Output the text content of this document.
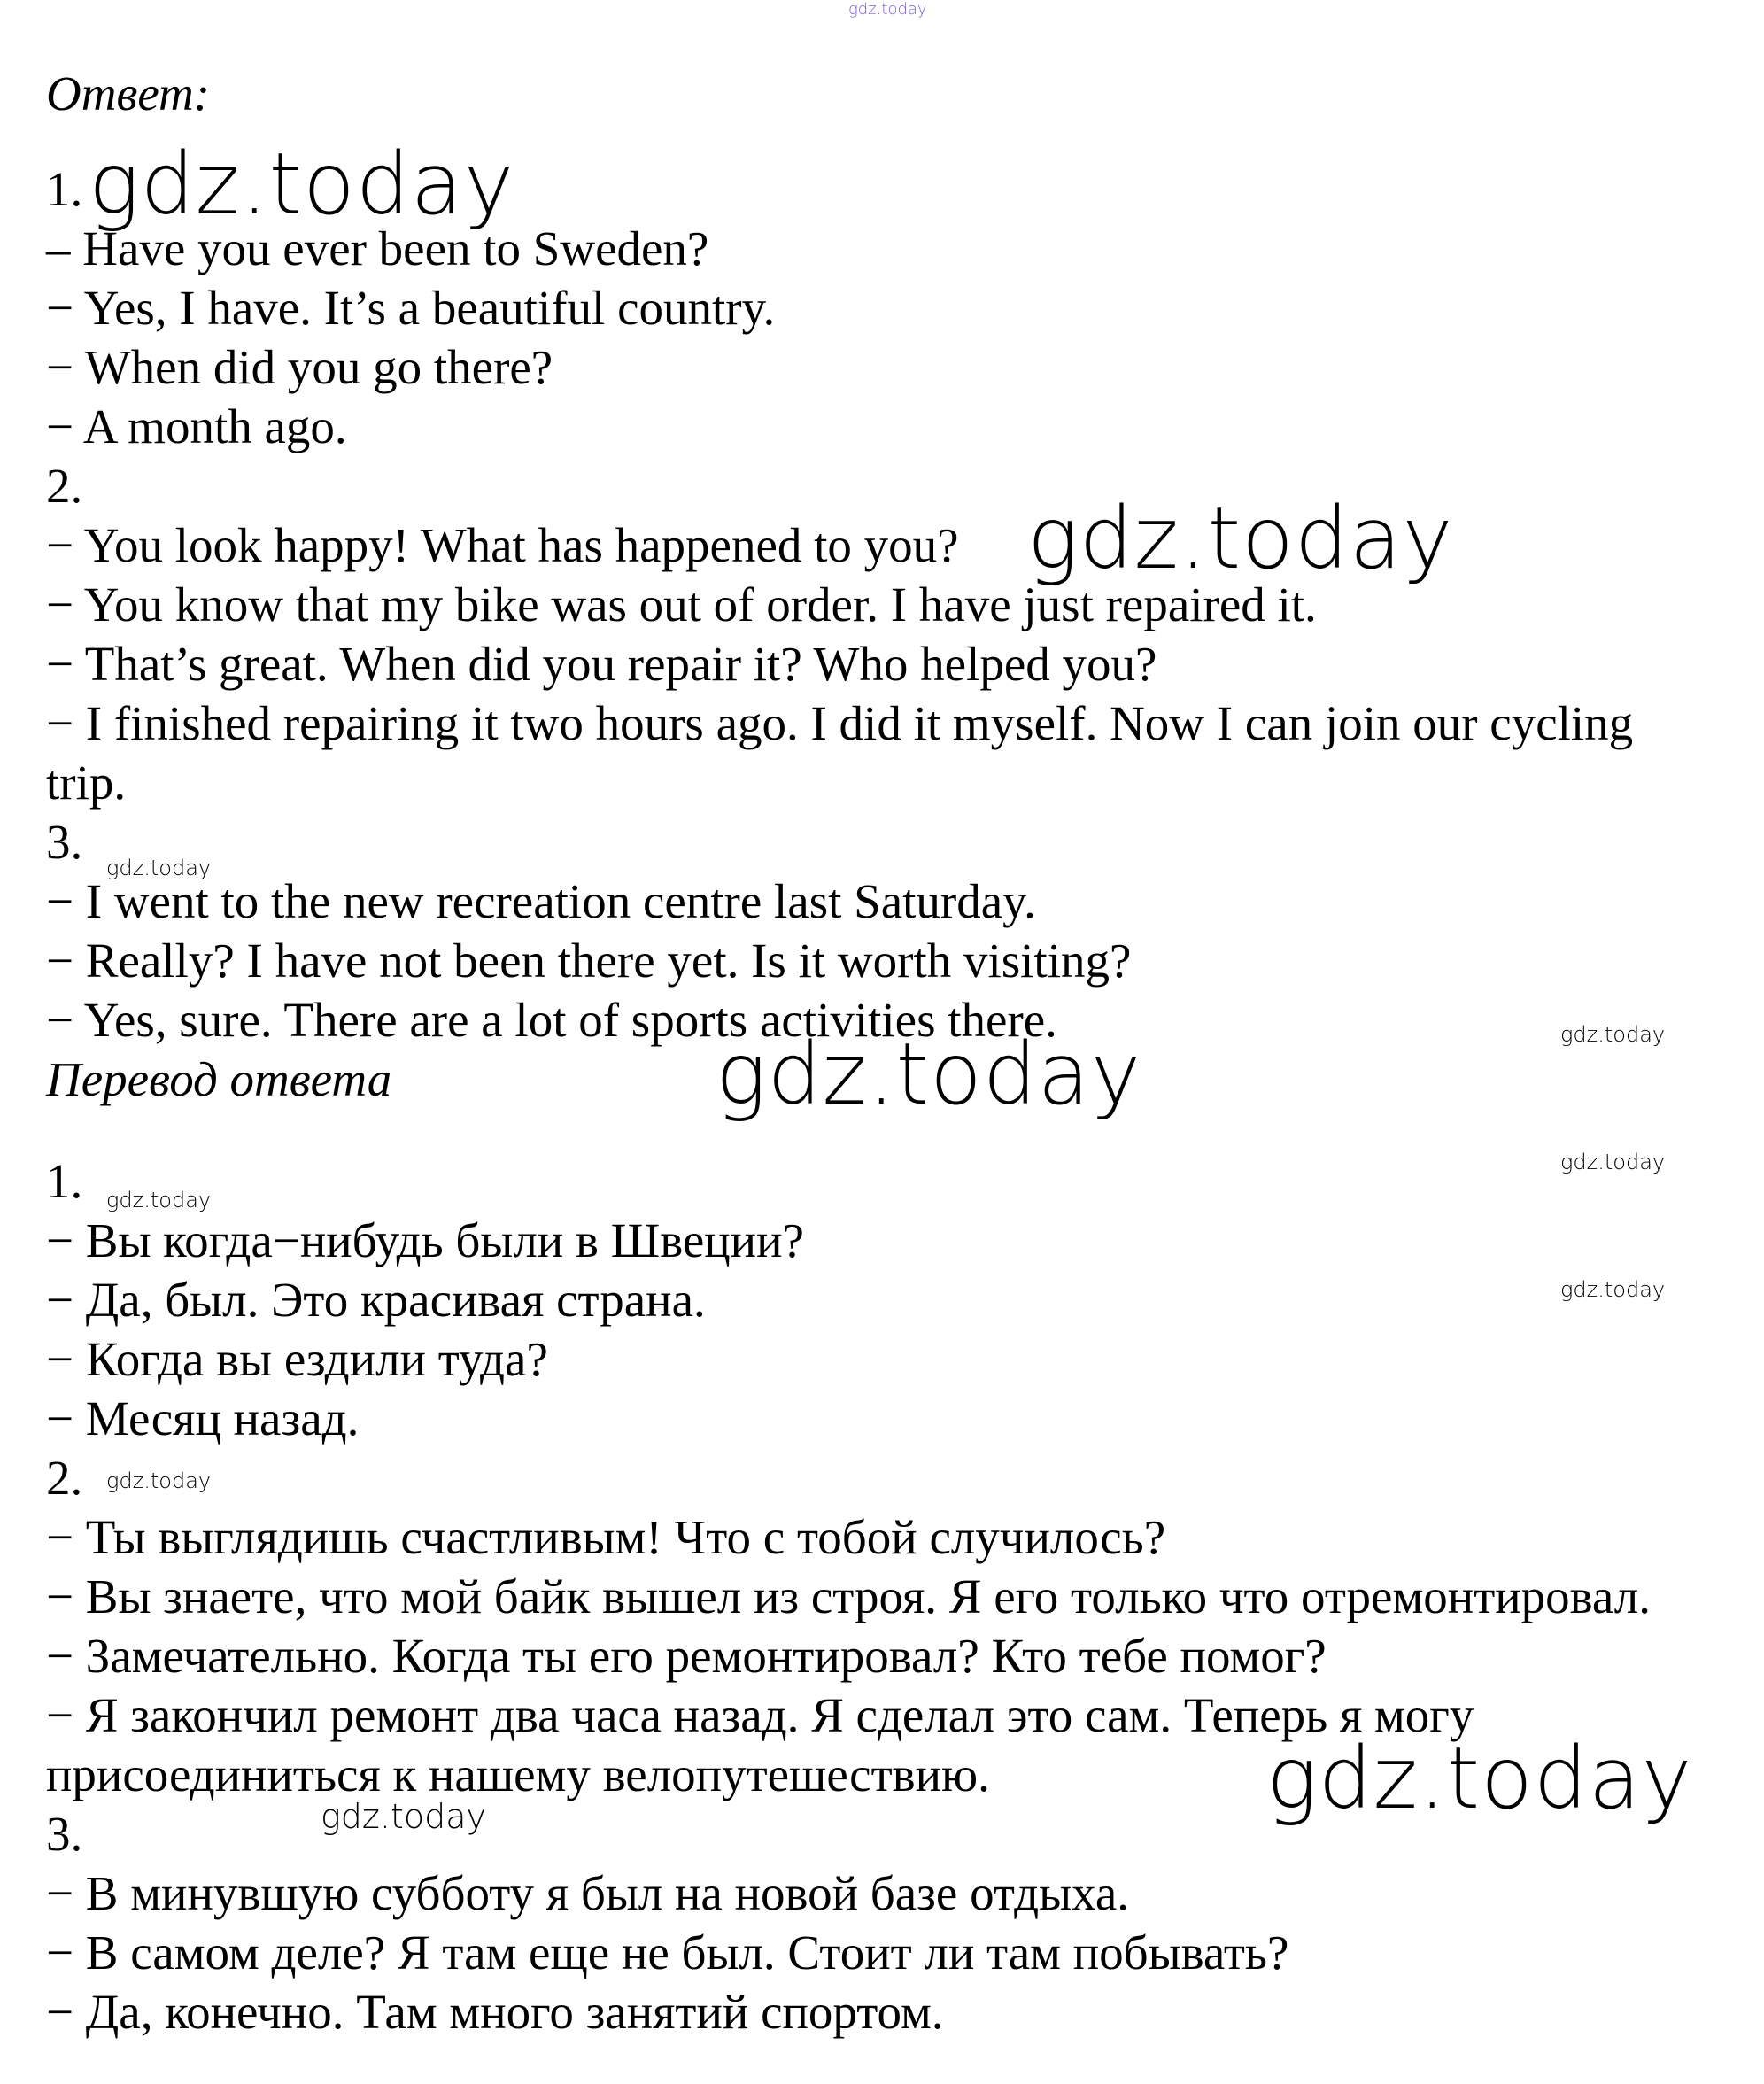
gdz.today
Ответ:
1.
– Have you ever been to Sweden?
− Yes, I have. It’s a beautiful country.
− When did you go there?
− A month ago.
2.
− You look happy! What has happened to you?
− You know that my bike was out of order. I have just repaired it.
− That’s great. When did you repair it? Who helped you?
− I finished repairing it two hours ago. I did it myself. Now I can join our cycling
trip.
3.
− I went to the new recreation centre last Saturday.
− Really? I have not been there yet. Is it worth visiting?
− Yes, sure. There are a lot of sports activities there.
Перевод ответа
1.
− Вы когда−нибудь были в Швеции?
− Да, был. Это красивая страна.
− Когда вы ездили туда?
− Месяц назад.
2.
− Ты выглядишь счастливым! Что с тобой случилось?
− Вы знаете, что мой байк вышел из строя. Я его только что отремонтировал.
− Замечательно. Когда ты его ремонтировал? Кто тебе помог?
− Я закончил ремонт два часа назад. Я сделал это сам. Теперь я могу
присоединиться к нашему велопутешествию.
3.
− В минувшую субботу я был на новой базе отдыха.
− В самом деле? Я там еще не был. Стоит ли там побывать?
− Да, конечно. Там много занятий спортом.
gdz.today
gdz.today
gdz.today
gdz.today
gdz.today
gdz.today
gdz.today
gdz.today
gdz.today
gdz.today
gdz.today
